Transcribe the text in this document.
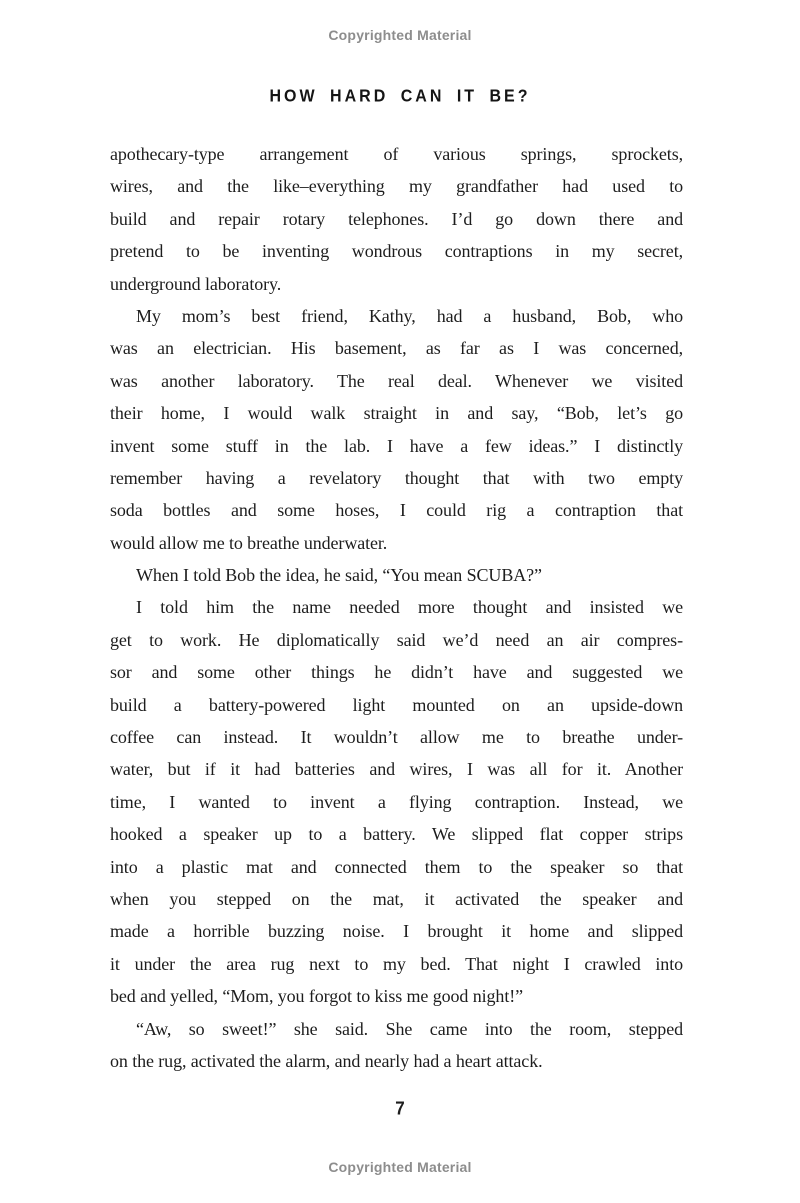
Copyrighted Material
HOW HARD CAN IT BE?
apothecary-type arrangement of various springs, sprockets,
wires, and the like–everything my grandfather had used to
build and repair rotary telephones. I’d go down there and
pretend to be inventing wondrous contraptions in my secret,
underground laboratory.
My mom’s best friend, Kathy, had a husband, Bob, who
was an electrician. His basement, as far as I was concerned,
was another laboratory. The real deal. Whenever we visited
their home, I would walk straight in and say, “Bob, let’s go
invent some stuff in the lab. I have a few ideas.” I distinctly
remember having a revelatory thought that with two empty
soda bottles and some hoses, I could rig a contraption that
would allow me to breathe underwater.
When I told Bob the idea, he said, “You mean SCUBA?”
I told him the name needed more thought and insisted we
get to work. He diplomatically said we’d need an air compres-
sor and some other things he didn’t have and suggested we
build a battery-powered light mounted on an upside-down
coffee can instead. It wouldn’t allow me to breathe under-
water, but if it had batteries and wires, I was all for it. Another
time, I wanted to invent a flying contraption. Instead, we
hooked a speaker up to a battery. We slipped flat copper strips
into a plastic mat and connected them to the speaker so that
when you stepped on the mat, it activated the speaker and
made a horrible buzzing noise. I brought it home and slipped
it under the area rug next to my bed. That night I crawled into
bed and yelled, “Mom, you forgot to kiss me good night!”
“Aw, so sweet!” she said. She came into the room, stepped
on the rug, activated the alarm, and nearly had a heart attack.
7
Copyrighted Material
